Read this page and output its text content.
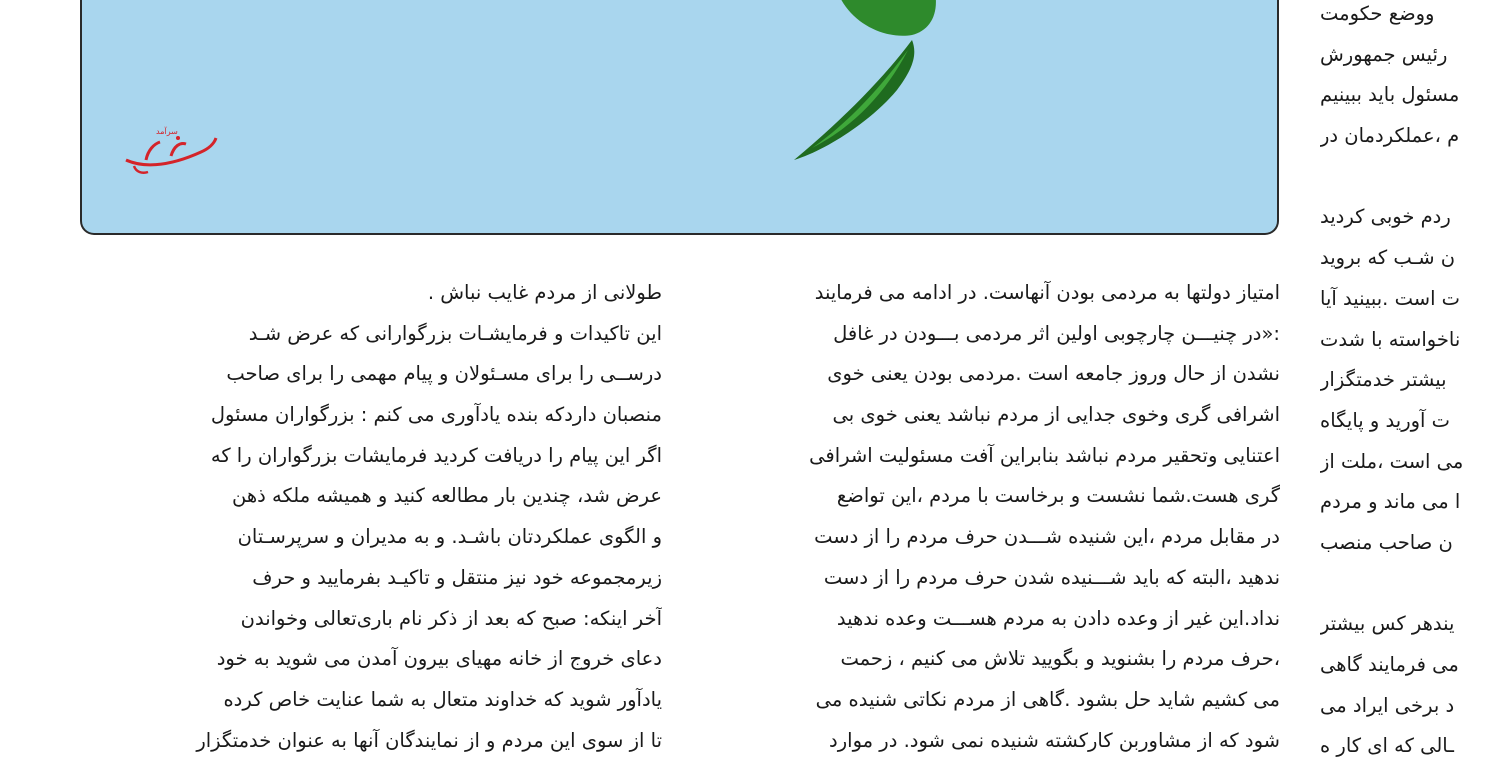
سرآمد
ووضع حکومت
رئیس جمهورش
مسئول باید ببینیم
م ،عملکردمان در
ردم خوبی کردید
ن شـب که بروید
ت است .ببینید آیا
ناخواسته با شدت
بیشتر خدمتگزار
ت آورید و پایگاه
می است ،ملت از
ا می ماند و مردم
ن صاحب منصب
یندهر کس بیشتر
می فرمایند گاهی
د برخی ایراد می
ـالی که ای کار ه
امتیاز دولتها به مردمی بودن آنهاست. در ادامه می فرمایند
:«در چنیـــن چارچوبی اولین اثر مردمی بـــودن در غافل
نشدن از حال وروز جامعه است .مردمی بودن یعنی خوی
اشرافی گری وخوی جدایی از مردم نباشد یعنی خوی بی
اعتنایی وتحقیر مردم نباشد بنابراین آفت مسئولیت اشرافی
گری هست.شما نشست و برخاست با مردم ،این تواضع
در مقابل مردم ،این شنیده شـــدن حرف مردم را از دست
ندهید ،البته که باید شـــنیده شدن حرف مردم را از دست
نداد.این غیر از وعده دادن به مردم هســـت وعده ندهید
،حرف مردم را بشنوید و بگویید تلاش می کنیم ، زحمت
می کشیم شاید حل بشود .گاهی از مردم نکاتی شنیده می
شود که از مشاوربن کارکشته شنیده نمی شود. در موارد
طولانی از مردم غایب نباش .
این تاکیدات و فرمایشـات بزرگوارانی که عرض شـد
درســی را برای مسـئولان و پیام مهمی را برای صاحب
منصبان داردکه بنده یادآوری می کنم : بزرگواران مسئول
اگر این پیام را دریافت کردید فرمایشات بزرگواران را که
عرض شد، چندین بار مطالعه کنید و همیشه ملکه ذهن
و الگوی عملکردتان باشـد. و به مدیران و سرپرسـتان
زیرمجموعه خود نیز منتقل و تاکیـد بفرمایید و حرف
آخر اینکه: صبح که بعد از ذکر نام باری‌تعالی وخواندن
دعای خروج از خانه مهیای بیرون آمدن می شوید به خود
یادآور شوید که خداوند متعال به شما عنایت خاص کرده
تا از سوی این مردم و از نمایندگان آنها به عنوان خدمتگزار
